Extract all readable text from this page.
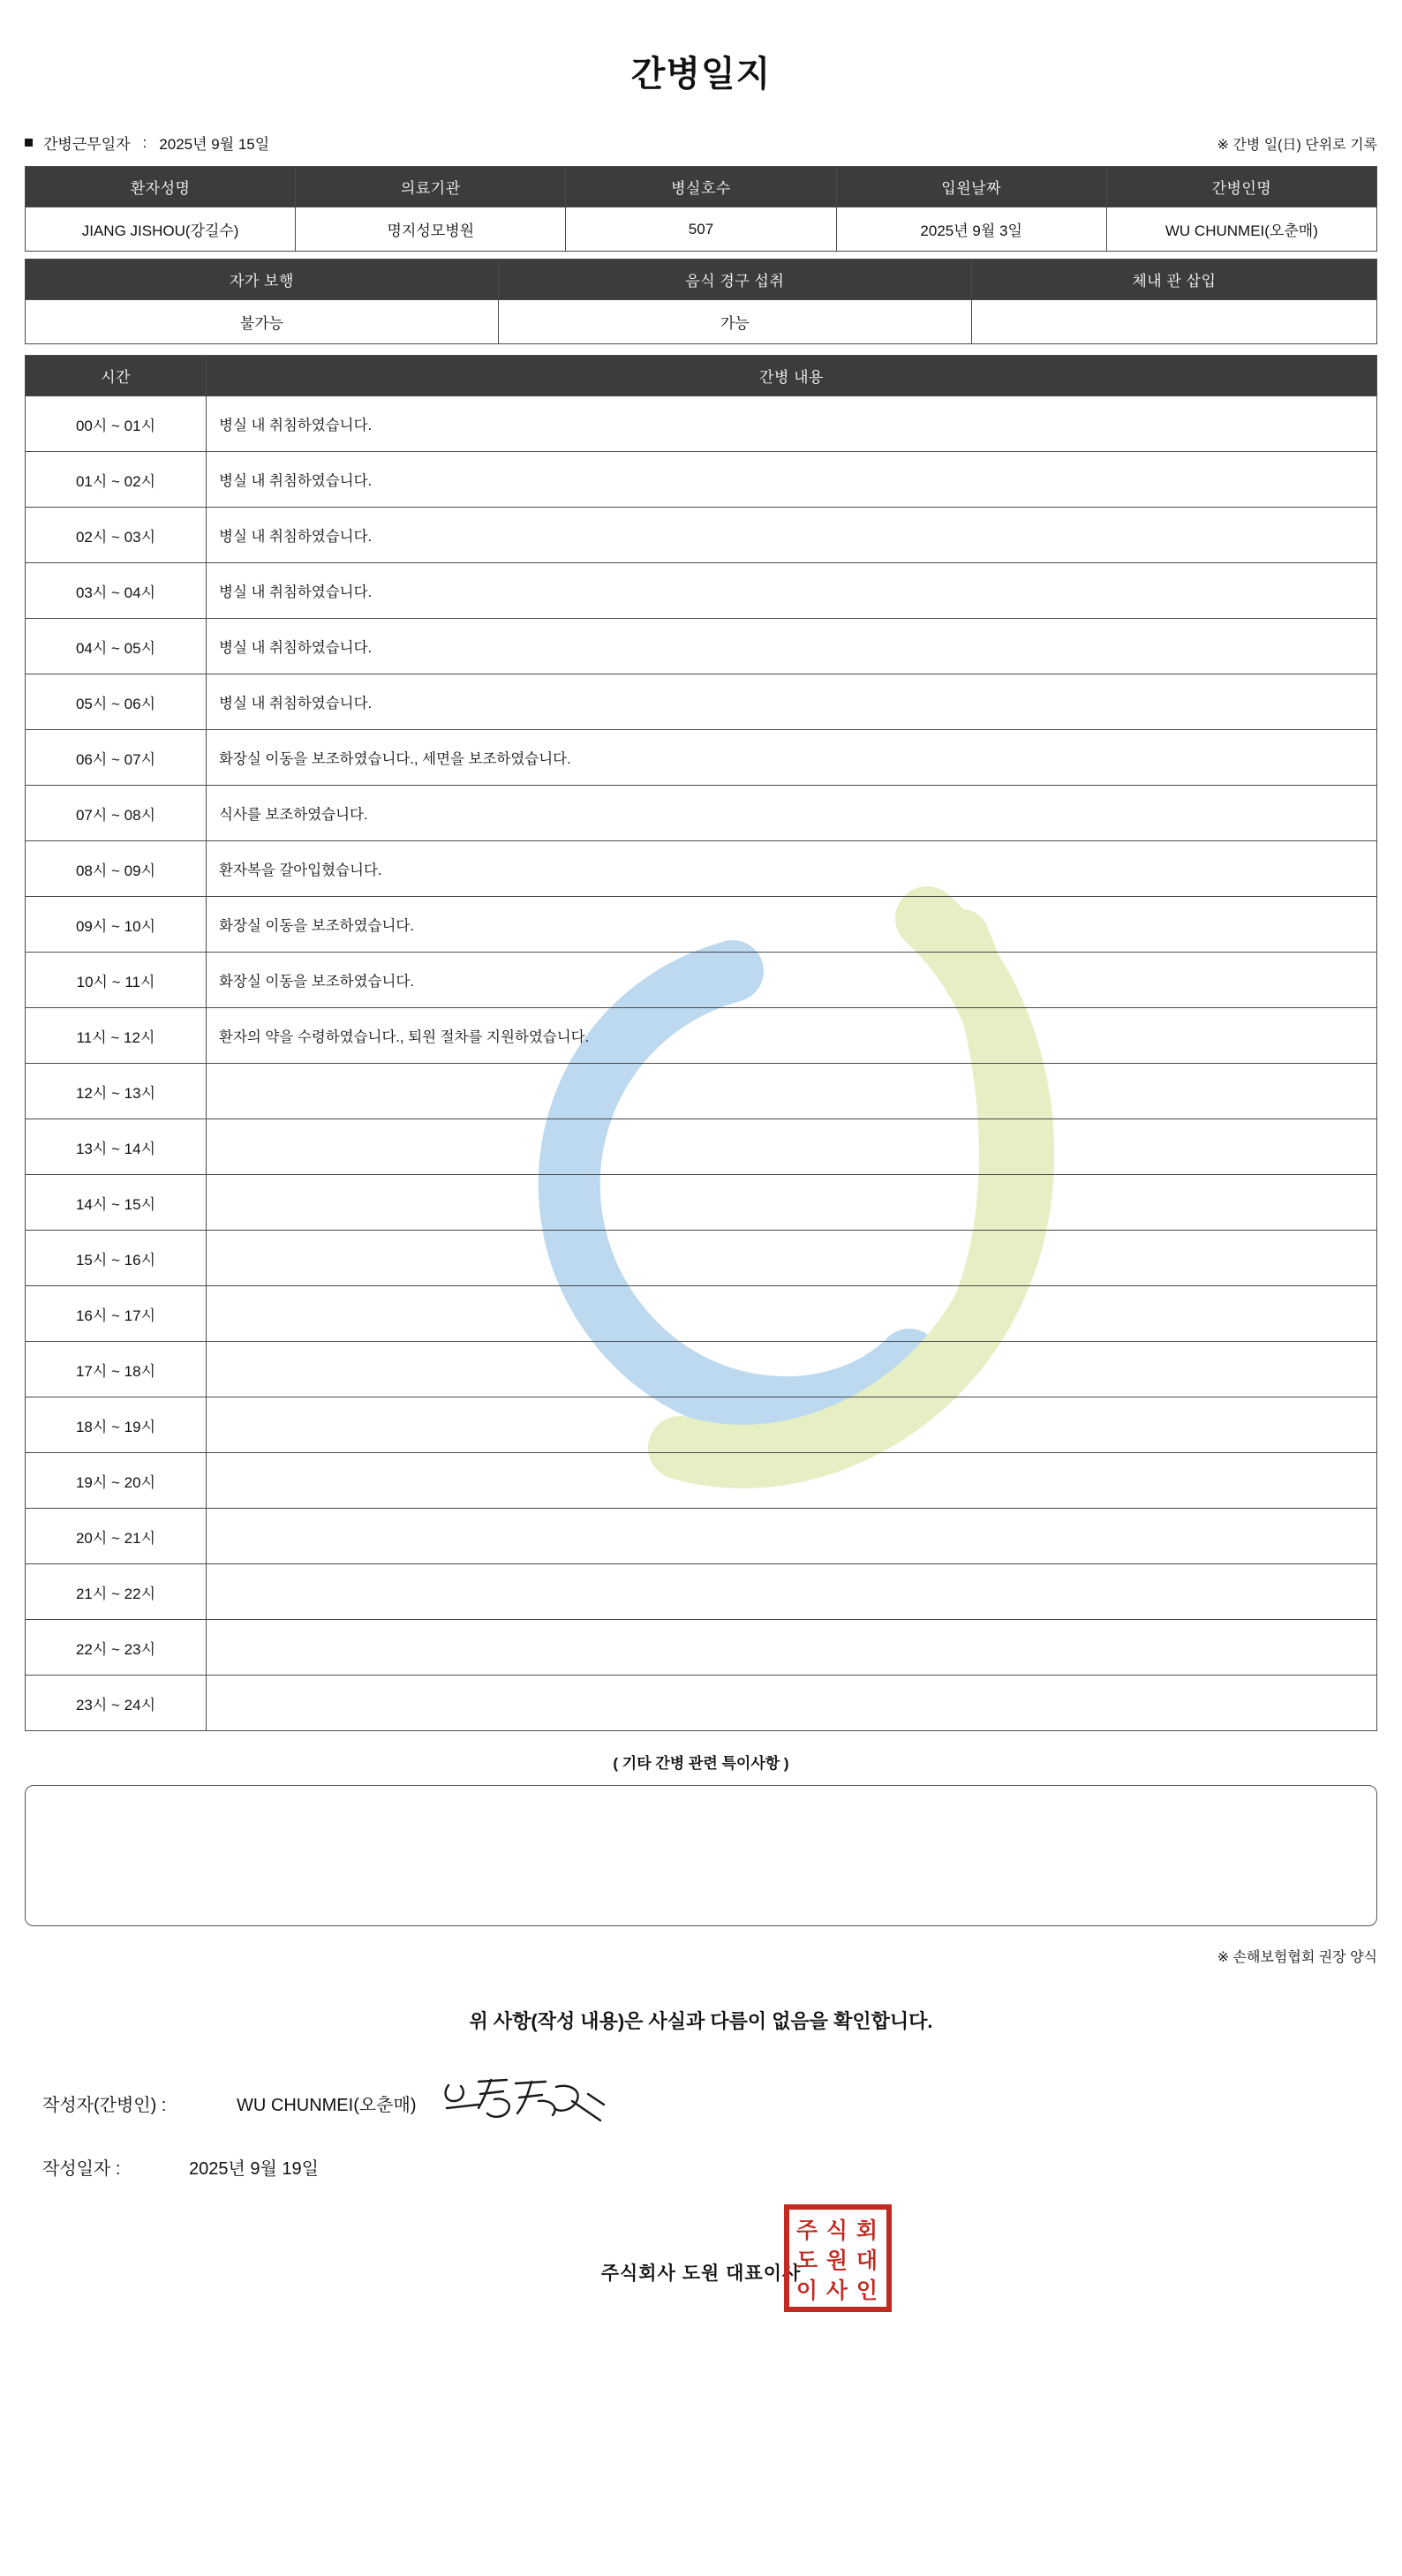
간병일지
간병근무일자 : 2025년 9월 15일	※ 간병 일(日) 단위로 기록
환자성명	의료기관	병실호수	입원날짜	간병인명
JIANG JISHOU(강길수)	명지성모병원	507	2025년 9월 3일	WU CHUNMEI(오춘매)
자가 보행	음식 경구 섭취	체내 관 삽입
불가능	가능	
시간	간병 내용
00시 ~ 01시	병실 내 취침하였습니다.
01시 ~ 02시	병실 내 취침하였습니다.
02시 ~ 03시	병실 내 취침하였습니다.
03시 ~ 04시	병실 내 취침하였습니다.
04시 ~ 05시	병실 내 취침하였습니다.
05시 ~ 06시	병실 내 취침하였습니다.
06시 ~ 07시	화장실 이동을 보조하였습니다., 세면을 보조하였습니다.
07시 ~ 08시	식사를 보조하였습니다.
08시 ~ 09시	환자복을 갈아입혔습니다.
09시 ~ 10시	화장실 이동을 보조하였습니다.
10시 ~ 11시	화장실 이동을 보조하였습니다.
11시 ~ 12시	환자의 약을 수령하였습니다., 퇴원 절차를 지원하였습니다.
12시 ~ 13시	
13시 ~ 14시	
14시 ~ 15시	
15시 ~ 16시	
16시 ~ 17시	
17시 ~ 18시	
18시 ~ 19시	
19시 ~ 20시	
20시 ~ 21시	
21시 ~ 22시	
22시 ~ 23시	
23시 ~ 24시	
( 기타 간병 관련 특이사항 )
※ 손해보험협회 권장 양식
위 사항(작성 내용)은 사실과 다름이 없음을 확인합니다.
작성자(간병인) :	WU CHUNMEI(오춘매)
작성일자 :	2025년 9월 19일
주식회사 도원 대표이사
주 식 회
도 원 대
이 사 인
